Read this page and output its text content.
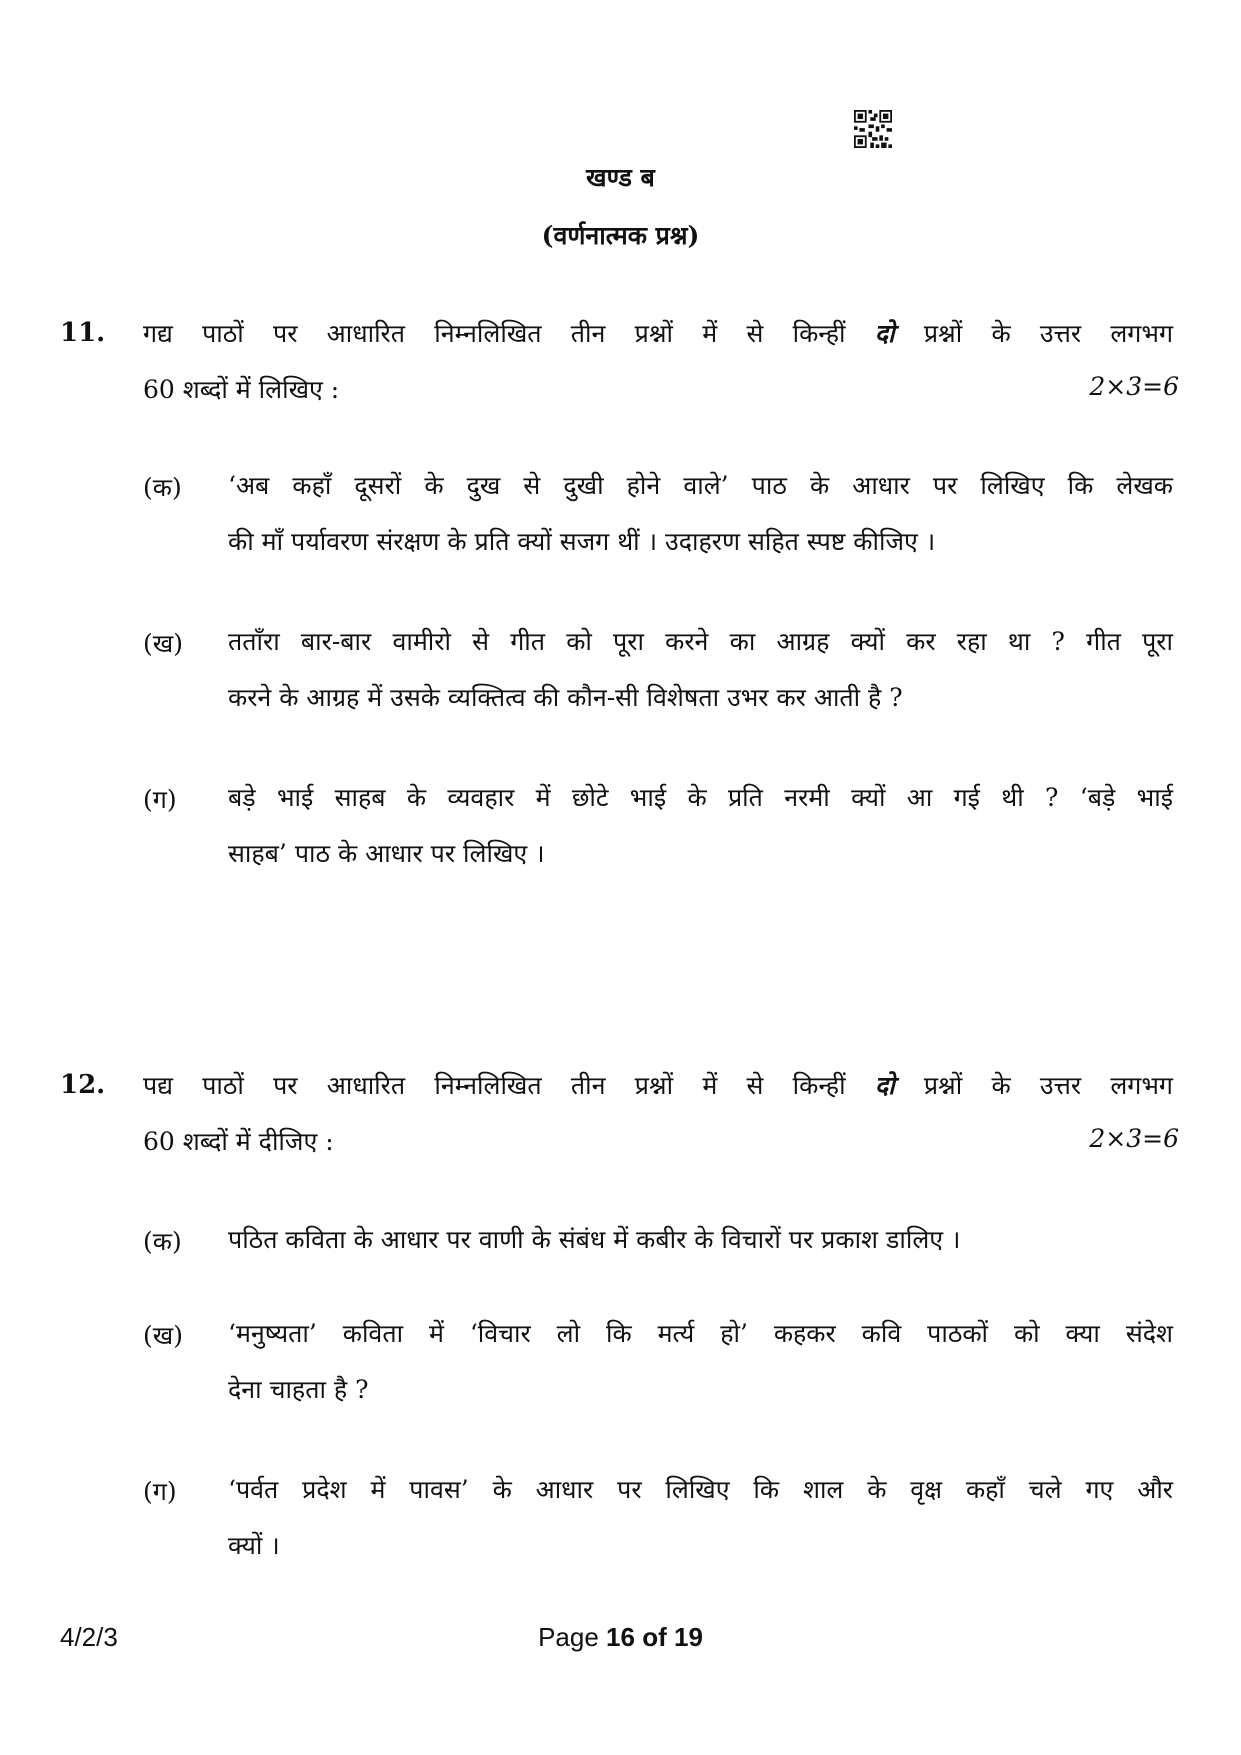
खण्ड ब
(वर्णनात्मक प्रश्न)
11. गद्य पाठों पर आधारित निम्नलिखित तीन प्रश्नों में से किन्हीं दो प्रश्नों के उत्तर लगभग
60 शब्दों में लिखिए :	2×3=6
(क) ‘अब कहाँ दूसरों के दुख से दुखी होने वाले’ पाठ के आधार पर लिखिए कि लेखक
की माँ पर्यावरण संरक्षण के प्रति क्यों सजग थीं । उदाहरण सहित स्पष्ट कीजिए ।
(ख) तताँरा बार-बार वामीरो से गीत को पूरा करने का आग्रह क्यों कर रहा था ? गीत पूरा
करने के आग्रह में उसके व्यक्तित्व की कौन-सी विशेषता उभर कर आती है ?
(ग) बड़े भाई साहब के व्यवहार में छोटे भाई के प्रति नरमी क्यों आ गई थी ? ‘बड़े भाई
साहब’ पाठ के आधार पर लिखिए ।
12. पद्य पाठों पर आधारित निम्नलिखित तीन प्रश्नों में से किन्हीं दो प्रश्नों के उत्तर लगभग
60 शब्दों में दीजिए :	2×3=6
(क) पठित कविता के आधार पर वाणी के संबंध में कबीर के विचारों पर प्रकाश डालिए ।
(ख) ‘मनुष्यता’ कविता में ‘विचार लो कि मर्त्य हो’ कहकर कवि पाठकों को क्या संदेश
देना चाहता है ?
(ग) ‘पर्वत प्रदेश में पावस’ के आधार पर लिखिए कि शाल के वृक्ष कहाँ चले गए और
क्यों ।
4/2/3	Page 16 of 19
